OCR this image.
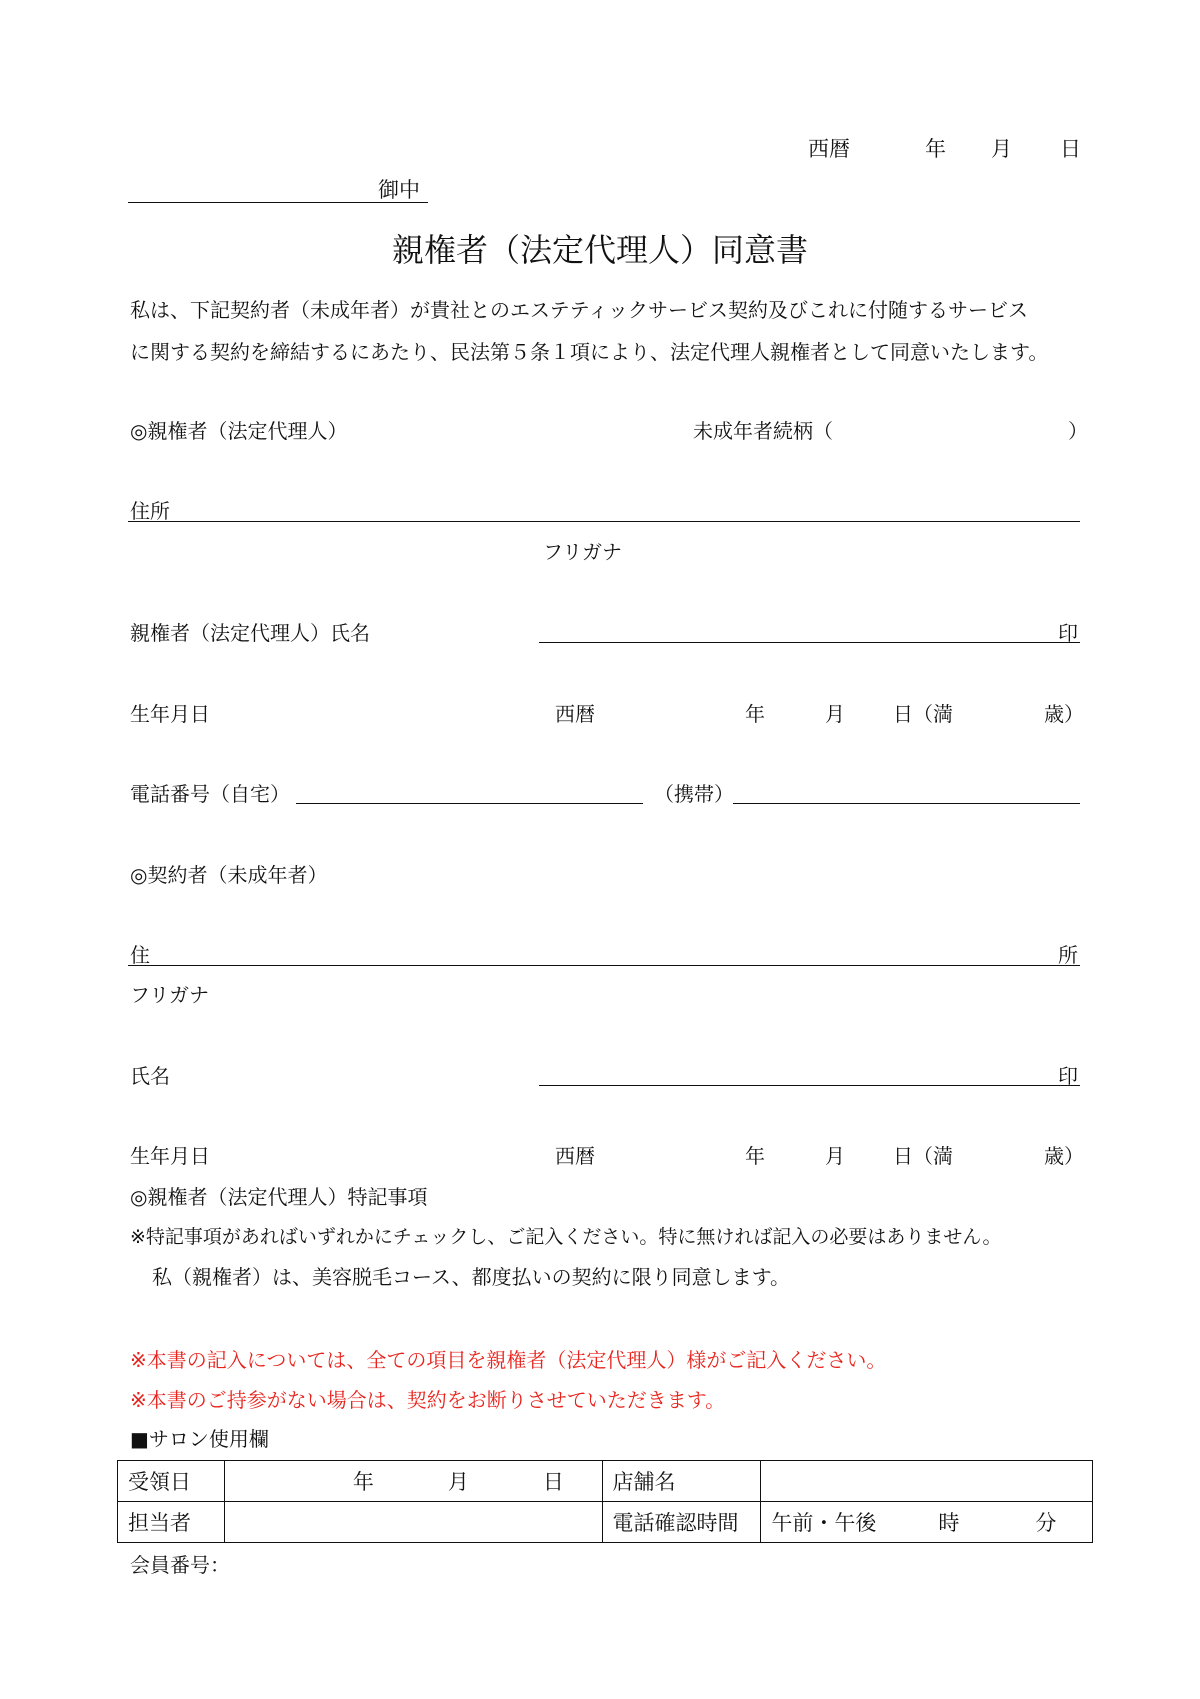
西暦	年 月 日
御中
親権者（法定代理人）同意書
私は、下記契約者（未成年者）が貴社とのエステティックサービス契約及びこれに付随するサービス
に関する契約を締結するにあたり、民法第５条１項により、法定代理人親権者として同意いたします。
◎親権者（法定代理人）	未成年者続柄（	）
住所
フリガナ
親権者（法定代理人）氏名	印
生年月日	西暦	年	月 日（満	歳）
電話番号（自宅）	（携帯）
◎契約者（未成年者）
住	所
フリガナ
氏名	印
生年月日	西暦	年	月 日（満	歳）
◎親権者（法定代理人）特記事項
※特記事項があればいずれかにチェックし、ご記入ください。特に無ければ記入の必要はありません。
私（親権者）は、美容脱毛コース、都度払いの契約に限り同意します。
※本書の記入については、全ての項目を親権者（法定代理人）様がご記入ください。
※本書のご持参がない場合は、契約をお断りさせていただきます。
■サロン使用欄
受領日	年 月 日	店舗名	
担当者		電話確認時間	午前・午後 時 分
会員番号：
